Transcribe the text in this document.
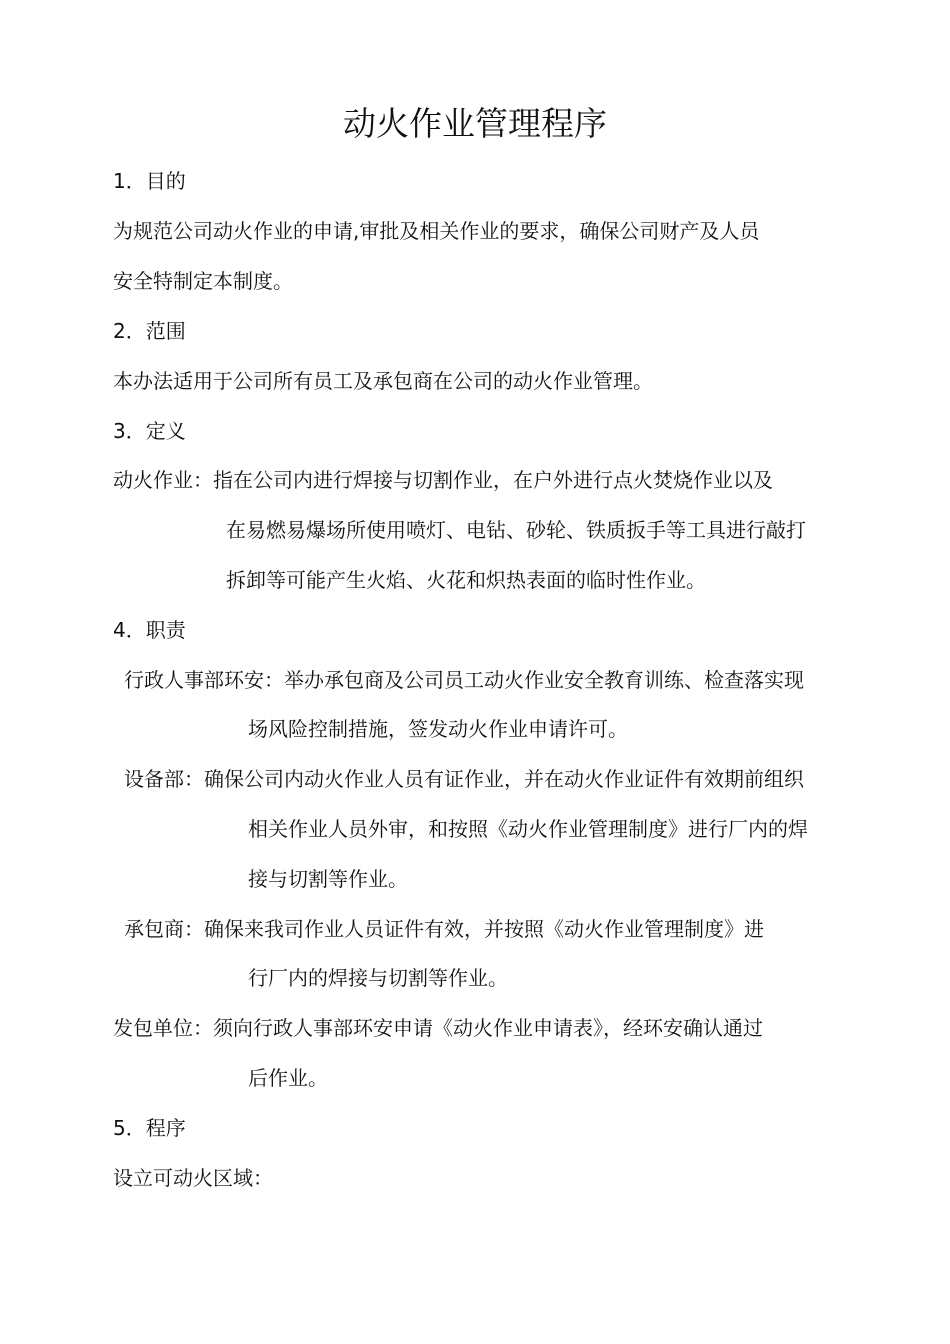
动火作业管理程序
1．目的
为规范公司动火作业的申请,审批及相关作业的要求，确保公司财产及人员
安全特制定本制度。
2．范围
本办法适用于公司所有员工及承包商在公司的动火作业管理。
3．定义
动火作业：指在公司内进行焊接与切割作业，在户外进行点火焚烧作业以及
在易燃易爆场所使用喷灯、电钻、砂轮、铁质扳手等工具进行敲打
拆卸等可能产生火焰、火花和炽热表面的临时性作业。
4．职责
行政人事部环安：举办承包商及公司员工动火作业安全教育训练、检查落实现
场风险控制措施，签发动火作业申请许可。
设备部：确保公司内动火作业人员有证作业，并在动火作业证件有效期前组织
相关作业人员外审，和按照《动火作业管理制度》进行厂内的焊
接与切割等作业。
承包商：确保来我司作业人员证件有效，并按照《动火作业管理制度》进
行厂内的焊接与切割等作业。
发包单位：须向行政人事部环安申请《动火作业申请表》，经环安确认通过
后作业。
5．程序
设立可动火区域：
